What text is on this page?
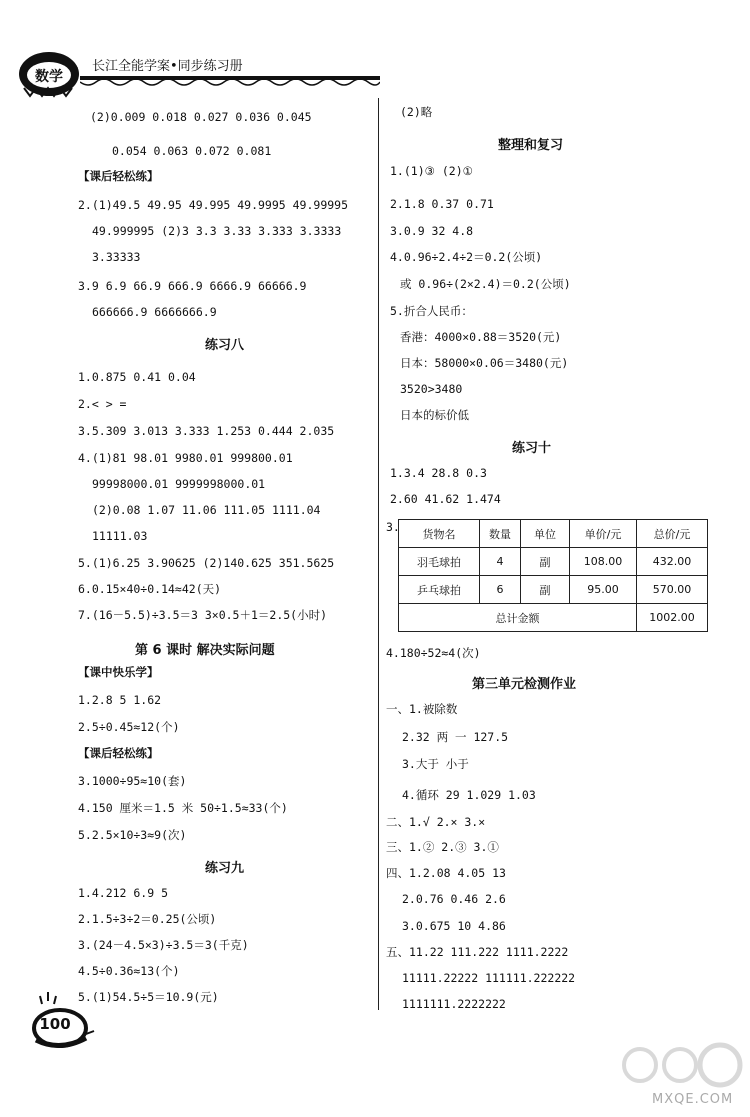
数学
长江全能学案•同步练习册
(2)0.009 0.018 0.027 0.036 0.045
0.054 0.063 0.072 0.081
【课后轻松练】
2.(1)49.5 49.95 49.995 49.9995 49.99995
49.999995 (2)3 3.3 3.33 3.333 3.3333
3.33333
3.9 6.9 66.9 666.9 6666.9 66666.9
666666.9 6666666.9
练习八
1.0.875 0.41 0.04
2.< > =
3.5.309 3.013 3.333 1.253 0.444 2.035
4.(1)81 98.01 9980.01 999800.01
99998000.01 9999998000.01
(2)0.08 1.07 11.06 111.05 1111.04
11111.03
5.(1)6.25 3.90625 (2)140.625 351.5625
6.0.15×40÷0.14≈42(天)
7.(16－5.5)÷3.5＝3 3×0.5＋1＝2.5(小时)
第 6 课时 解决实际问题
【课中快乐学】
1.2.8 5 1.62
2.5÷0.45≈12(个)
【课后轻松练】
3.1000÷95≈10(套)
4.150 厘米＝1.5 米 50÷1.5≈33(个)
5.2.5×10÷3≈9(次)
练习九
1.4.212 6.9 5
2.1.5÷3÷2＝0.25(公顷)
3.(24－4.5×3)÷3.5＝3(千克)
4.5÷0.36≈13(个)
5.(1)54.5÷5＝10.9(元)
(2)略
整理和复习
1.(1)③ (2)①
2.1.8 0.37 0.71
3.0.9 32 4.8
4.0.96÷2.4÷2＝0.2(公顷)
或 0.96÷(2×2.4)＝0.2(公顷)
5.折合人民币：
香港：4000×0.88＝3520(元)
日本：58000×0.06＝3480(元)
3520>3480
日本的标价低
练习十
1.3.4 28.8 0.3
2.60 41.62 1.474
3. 货物名	数量	单位	单价/元	总价/元
羽毛球拍	4	副	108.00	432.00
乒乓球拍	6	副	95.00	570.00
总计金额				1002.00
4.180÷52≈4(次)
第三单元检测作业
一、1.被除数
2.32 两 一 127.5
3.大于 小于
4.循环 29 1.029 1.03
二、1.√ 2.× 3.×
三、1.② 2.③ 3.①
四、1.2.08 4.05 13
2.0.76 0.46 2.6
3.0.675 10 4.86
五、11.22 111.222 1111.2222
11111.22222 111111.222222
1111111.2222222
100
MXQE.COM
